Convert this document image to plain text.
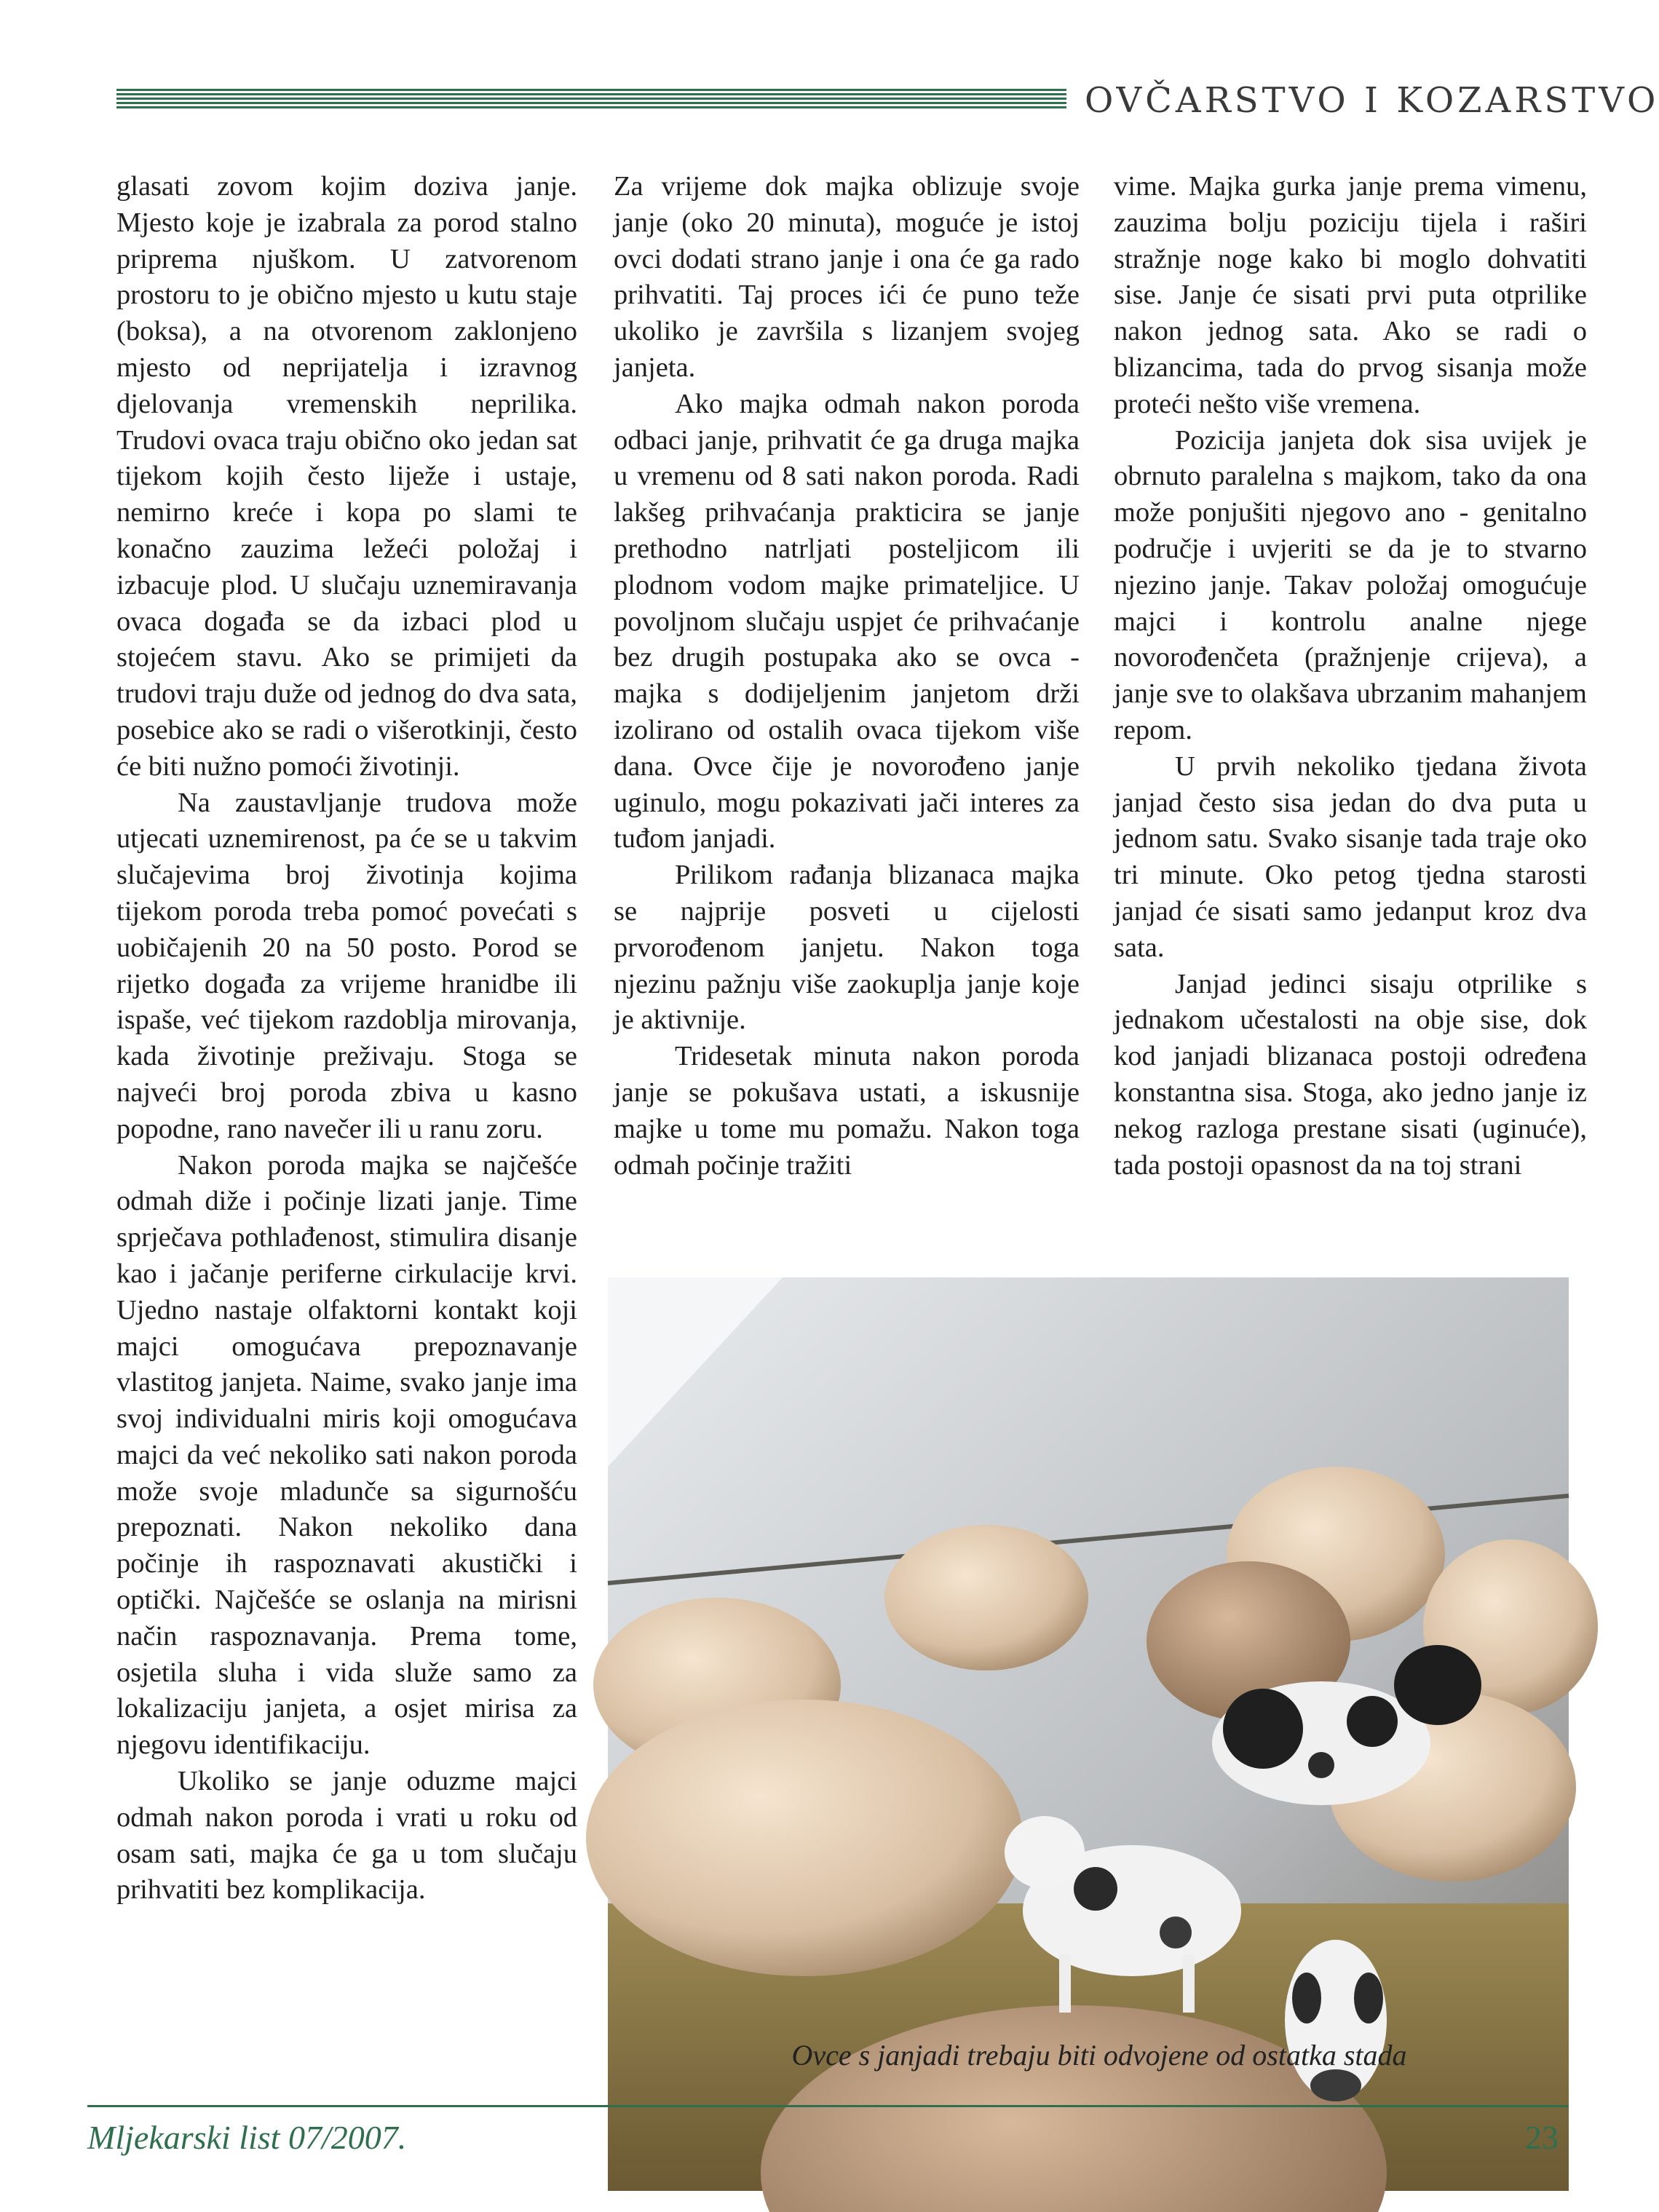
OVČARSTVO I KOZARSTVO

glasati zovom kojim doziva janje. Mjesto koje je izabrala za porod stalno priprema njuškom. U zatvorenom prostoru to je obično mjesto u kutu staje (boksa), a na otvorenom zaklonjeno mjesto od neprijatelja i izravnog djelovanja vremenskih neprilika. Trudovi ovaca traju obično oko jedan sat tijekom kojih često liježe i ustaje, nemirno kreće i kopa po slami te konačno zauzima ležeći položaj i izbacuje plod. U slučaju uznemiravanja ovaca događa se da izbaci plod u stojećem stavu. Ako se primijeti da trudovi traju duže od jednog do dva sata, posebice ako se radi o višerotkinji, često će biti nužno pomoći životinji.

Na zaustavljanje trudova može utjecati uznemirenost, pa će se u takvim slučajevima broj životinja kojima tijekom poroda treba pomoć povećati s uobičajenih 20 na 50 posto. Porod se rijetko događa za vrijeme hranidbe ili ispaše, već tijekom razdoblja mirovanja, kada životinje preživaju. Stoga se najveći broj poroda zbiva u kasno popodne, rano navečer ili u ranu zoru.

Nakon poroda majka se najčešće odmah diže i počinje lizati janje. Time sprječava pothlađenost, stimulira disanje kao i jačanje periferne cirkulacije krvi. Ujedno nastaje olfaktorni kontakt koji majci omogućava prepoznavanje vlastitog janjeta. Naime, svako janje ima svoj individualni miris koji omogućava majci da već nekoliko sati nakon poroda može svoje mladunče sa sigurnošću prepoznati. Nakon nekoliko dana počinje ih raspoznavati akustički i optički. Najčešće se oslanja na mirisni način raspoznavanja. Prema tome, osjetila sluha i vida služe samo za lokalizaciju janjeta, a osjet mirisa za njegovu identifikaciju.

Ukoliko se janje oduzme majci odmah nakon poroda i vrati u roku od osam sati, majka će ga u tom slučaju prihvatiti bez komplikacija.

Za vrijeme dok majka oblizuje svoje janje (oko 20 minuta), moguće je istoj ovci dodati strano janje i ona će ga rado prihvatiti. Taj proces ići će puno teže ukoliko je završila s lizanjem svojeg janjeta.

Ako majka odmah nakon poroda odbaci janje, prihvatit će ga druga majka u vremenu od 8 sati nakon poroda. Radi lakšeg prihvaćanja prakticira se janje prethodno natrljati posteljicom ili plodnom vodom majke primateljice. U povoljnom slučaju uspjet će prihvaćanje bez drugih postupaka ako se ovca - majka s dodijeljenim janjetom drži izolirano od ostalih ovaca tijekom više dana. Ovce čije je novorođeno janje uginulo, mogu pokazivati jači interes za tuđom janjadi.

Prilikom rađanja blizanaca majka se najprije posveti u cijelosti prvorođenom janjetu. Nakon toga njezinu pažnju više zaokuplja janje koje je aktivnije.

Tridesetak minuta nakon poroda janje se pokušava ustati, a iskusnije majke u tome mu pomažu. Nakon toga odmah počinje tražiti

vime. Majka gurka janje prema vimenu, zauzima bolju poziciju tijela i raširi stražnje noge kako bi moglo dohvatiti sise. Janje će sisati prvi puta otprilike nakon jednog sata. Ako se radi o blizancima, tada do prvog sisanja može proteći nešto više vremena.

Pozicija janjeta dok sisa uvijek je obrnuto paralelna s majkom, tako da ona može ponjušiti njegovo ano - genitalno područje i uvjeriti se da je to stvarno njezino janje. Takav položaj omogućuje majci i kontrolu analne njege novorođenčeta (pražnjenje crijeva), a janje sve to olakšava ubrzanim mahanjem repom.

U prvih nekoliko tjedana života janjad često sisa jedan do dva puta u jednom satu. Svako sisanje tada traje oko tri minute. Oko petog tjedna starosti janjad će sisati samo jedanput kroz dva sata.

Janjad jedinci sisaju otprilike s jednakom učestalosti na obje sise, dok kod janjadi blizanaca postoji određena konstantna sisa. Stoga, ako jedno janje iz nekog razloga prestane sisati (uginuće), tada postoji opasnost da na toj strani

Ovce s janjadi trebaju biti odvojene od ostatka stada
Mljekarski list 07/2007.	23
